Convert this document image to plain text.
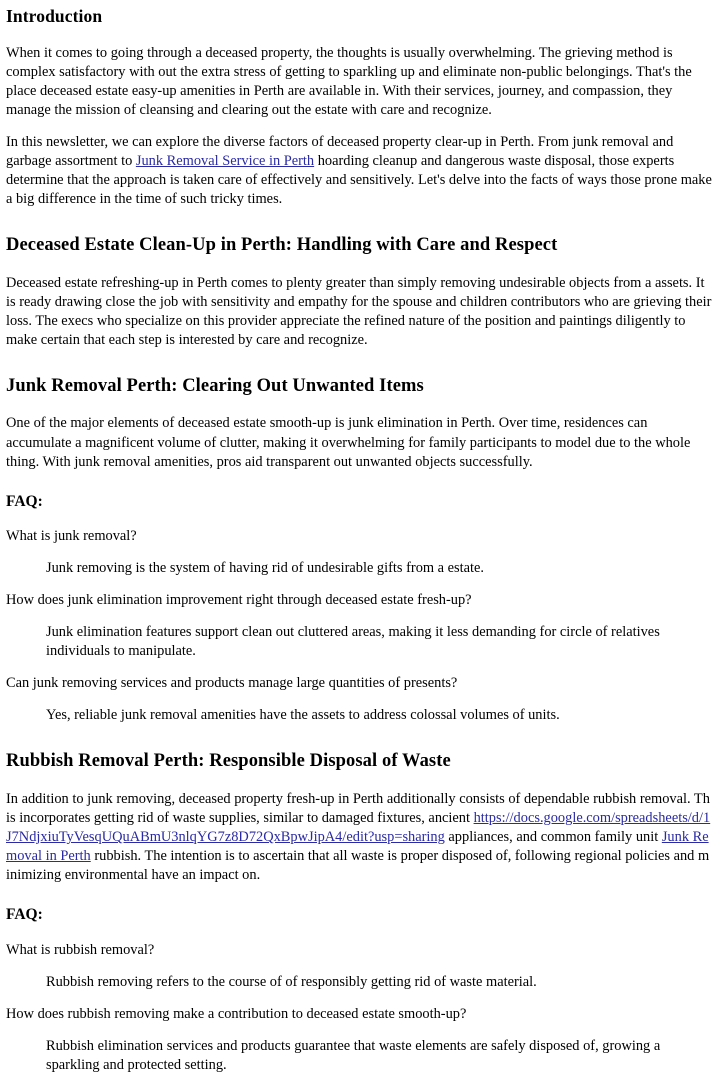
Introduction

When it comes to going through a deceased property, the thoughts is usually overwhelming. The grieving method is complex satisfactory with out the extra stress of getting to sparkling up and eliminate non-public belongings. That's the place deceased estate easy-up amenities in Perth are available in. With their services, journey, and compassion, they manage the mission of cleansing and clearing out the estate with care and recognize.

In this newsletter, we can explore the diverse factors of deceased property clear-up in Perth. From junk removal and garbage assortment to Junk Removal Service in Perth hoarding cleanup and dangerous waste disposal, those experts determine that the approach is taken care of effectively and sensitively. Let's delve into the facts of ways those prone make a big difference in the time of such tricky times.

Deceased Estate Clean-Up in Perth: Handling with Care and Respect

Deceased estate refreshing-up in Perth comes to plenty greater than simply removing undesirable objects from a assets. It is ready drawing close the job with sensitivity and empathy for the spouse and children contributors who are grieving their loss. The execs who specialize on this provider appreciate the refined nature of the position and paintings diligently to make certain that each step is interested by care and recognize.

Junk Removal Perth: Clearing Out Unwanted Items

One of the major elements of deceased estate smooth-up is junk elimination in Perth. Over time, residences can accumulate a magnificent volume of clutter, making it overwhelming for family participants to model due to the whole thing. With junk removal amenities, pros aid transparent out unwanted objects successfully.

FAQ:

What is junk removal?

Junk removing is the system of having rid of undesirable gifts from a estate.

How does junk elimination improvement right through deceased estate fresh-up?

Junk elimination features support clean out cluttered areas, making it less demanding for circle of relatives individuals to manipulate.

Can junk removing services and products manage large quantities of presents?

Yes, reliable junk removal amenities have the assets to address colossal volumes of units.

Rubbish Removal Perth: Responsible Disposal of Waste

In addition to junk removing, deceased property fresh-up in Perth additionally consists of dependable rubbish removal. This incorporates getting rid of waste supplies, similar to damaged fixtures, ancient https://docs.google.com/spreadsheets/d/1J7NdjxiuTyVesqUQuABmU3nlqYG7z8D72QxBpwJipA4/edit?usp=sharing appliances, and common family unit Junk Removal in Perth rubbish. The intention is to ascertain that all waste is proper disposed of, following regional policies and minimizing environmental have an impact on.

FAQ:

What is rubbish removal?

Rubbish removing refers to the course of of responsibly getting rid of waste material.

How does rubbish removing make a contribution to deceased estate smooth-up?

Rubbish elimination services and products guarantee that waste elements are safely disposed of, growing a sparkling and protected setting.
